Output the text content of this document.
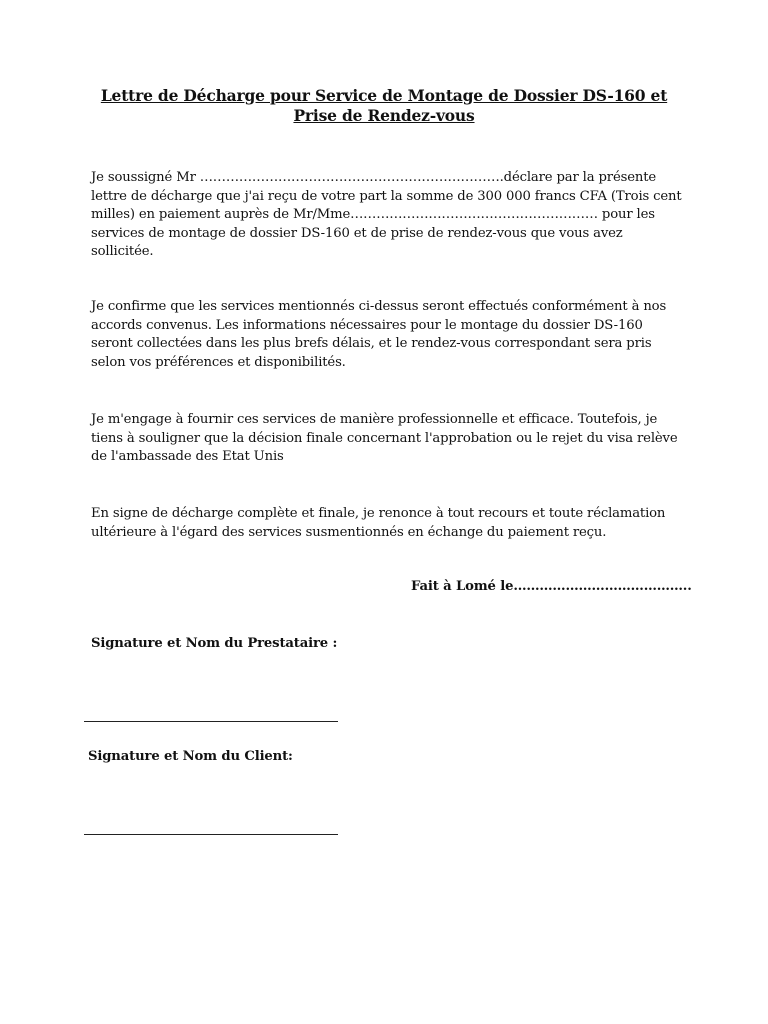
Lettre de Décharge pour Service de Montage de Dossier DS-160 et
Prise de Rendez-vous

Je soussigné Mr …………………………………………………………….déclare par la présente lettre de décharge que j'ai reçu de votre part la somme de 300 000 francs CFA (Trois cent milles) en paiement auprès de Mr/Mme………………………………………………… pour les services de montage de dossier DS-160 et de prise de rendez-vous que vous avez sollicitée.

Je confirme que les services mentionnés ci-dessus seront effectués conformément à nos accords convenus. Les informations nécessaires pour le montage du dossier DS-160 seront collectées dans les plus brefs délais, et le rendez-vous correspondant sera pris selon vos préférences et disponibilités.

Je m'engage à fournir ces services de manière professionnelle et efficace. Toutefois, je tiens à souligner que la décision finale concernant l'approbation ou le rejet du visa relève de l'ambassade des Etat Unis

En signe de décharge complète et finale, je renonce à tout recours et toute réclamation ultérieure à l'égard des services susmentionnés en échange du paiement reçu.

Fait à Lomé le…………………………………..
Signature et Nom du Prestataire :
Signature et Nom du Client:
